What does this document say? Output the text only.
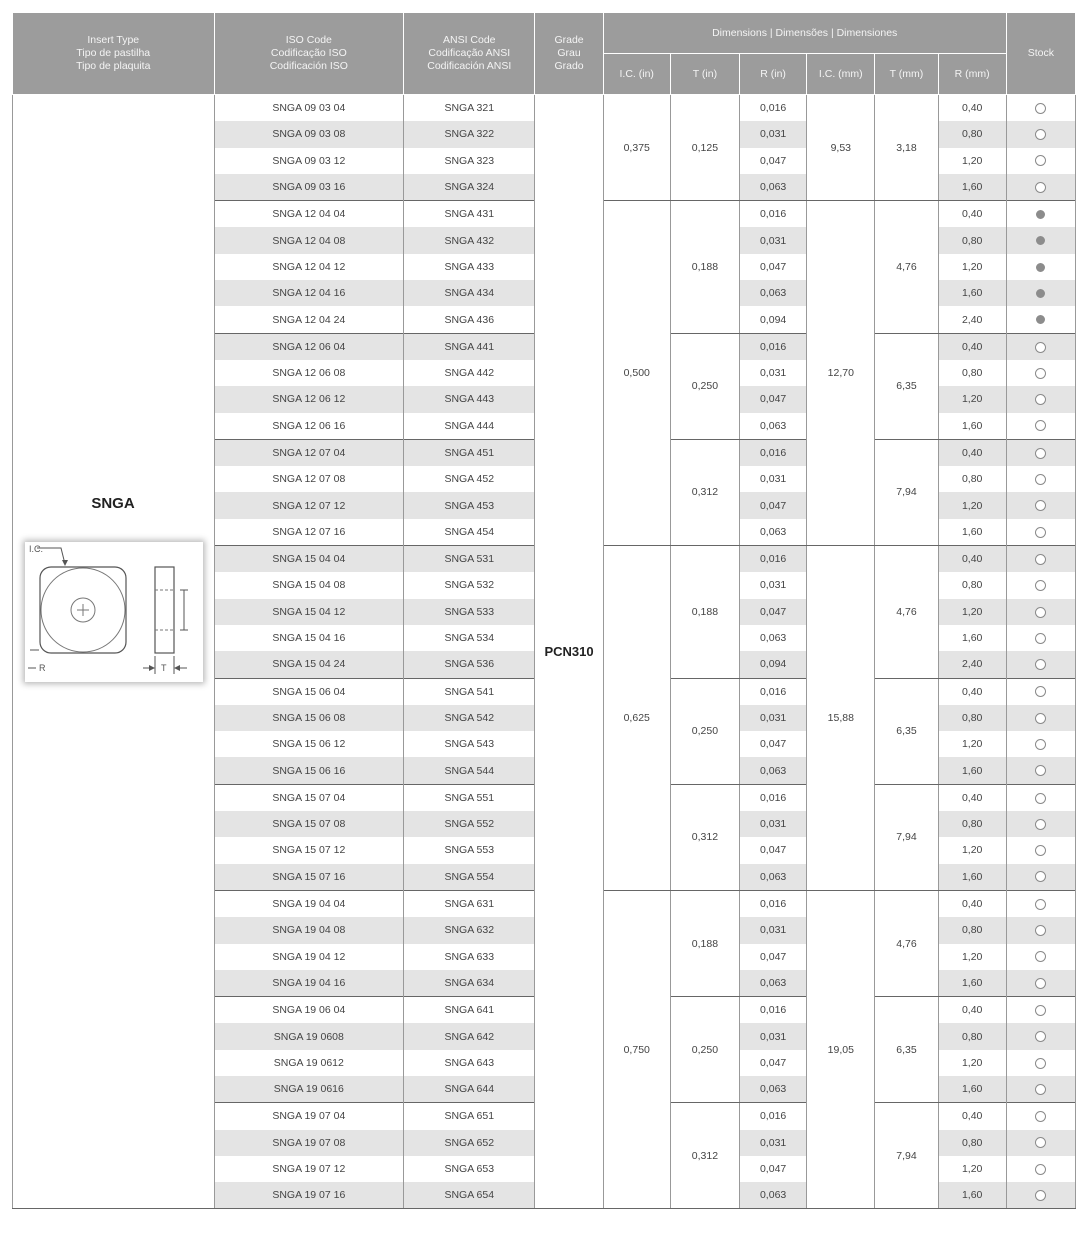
Insert Type
Tipo de pastilha
Tipo de plaquita	ISO Code
Codificação ISO
Codificación ISO	ANSI Code
Codificação ANSI
Codificación ANSI	Grade
Grau
Grado	Dimensions | Dimensões | Dimensiones						Stock
				I.C. (in)	T (in)	R (in)	I.C. (mm)	T (mm)	R (mm)	

SNGA
I.C.
R T	SNGA 09 03 04	SNGA 321	PCN310	0,375	0,125	0,016	9,53	3,18	0,40	
	SNGA 09 03 08	SNGA 322				0,031			0,80	
	SNGA 09 03 12	SNGA 323				0,047			1,20	
	SNGA 09 03 16	SNGA 324				0,063			1,60	
	SNGA 12 04 04	SNGA 431		0,500	0,188	0,016	12,70	4,76	0,40	
	SNGA 12 04 08	SNGA 432				0,031			0,80	
	SNGA 12 04 12	SNGA 433				0,047			1,20	
	SNGA 12 04 16	SNGA 434				0,063			1,60	
	SNGA 12 04 24	SNGA 436				0,094			2,40	
	SNGA 12 06 04	SNGA 441			0,250	0,016		6,35	0,40	
	SNGA 12 06 08	SNGA 442				0,031			0,80	
	SNGA 12 06 12	SNGA 443				0,047			1,20	
	SNGA 12 06 16	SNGA 444				0,063			1,60	
	SNGA 12 07 04	SNGA 451			0,312	0,016		7,94	0,40	
	SNGA 12 07 08	SNGA 452				0,031			0,80	
	SNGA 12 07 12	SNGA 453				0,047			1,20	
	SNGA 12 07 16	SNGA 454				0,063			1,60	
	SNGA 15 04 04	SNGA 531		0,625	0,188	0,016	15,88	4,76	0,40	
	SNGA 15 04 08	SNGA 532				0,031			0,80	
	SNGA 15 04 12	SNGA 533				0,047			1,20	
	SNGA 15 04 16	SNGA 534				0,063			1,60	
	SNGA 15 04 24	SNGA 536				0,094			2,40	
	SNGA 15 06 04	SNGA 541			0,250	0,016		6,35	0,40	
	SNGA 15 06 08	SNGA 542				0,031			0,80	
	SNGA 15 06 12	SNGA 543				0,047			1,20	
	SNGA 15 06 16	SNGA 544				0,063			1,60	
	SNGA 15 07 04	SNGA 551			0,312	0,016		7,94	0,40	
	SNGA 15 07 08	SNGA 552				0,031			0,80	
	SNGA 15 07 12	SNGA 553				0,047			1,20	
	SNGA 15 07 16	SNGA 554				0,063			1,60	
	SNGA 19 04 04	SNGA 631		0,750	0,188	0,016	19,05	4,76	0,40	
	SNGA 19 04 08	SNGA 632				0,031			0,80	
	SNGA 19 04 12	SNGA 633				0,047			1,20	
	SNGA 19 04 16	SNGA 634				0,063			1,60	
	SNGA 19 06 04	SNGA 641			0,250	0,016		6,35	0,40	
	SNGA 19 0608	SNGA 642				0,031			0,80	
	SNGA 19 0612	SNGA 643				0,047			1,20	
	SNGA 19 0616	SNGA 644				0,063			1,60	
	SNGA 19 07 04	SNGA 651			0,312	0,016		7,94	0,40	
	SNGA 19 07 08	SNGA 652				0,031			0,80	
	SNGA 19 07 12	SNGA 653				0,047			1,20	
	SNGA 19 07 16	SNGA 654				0,063			1,60	
